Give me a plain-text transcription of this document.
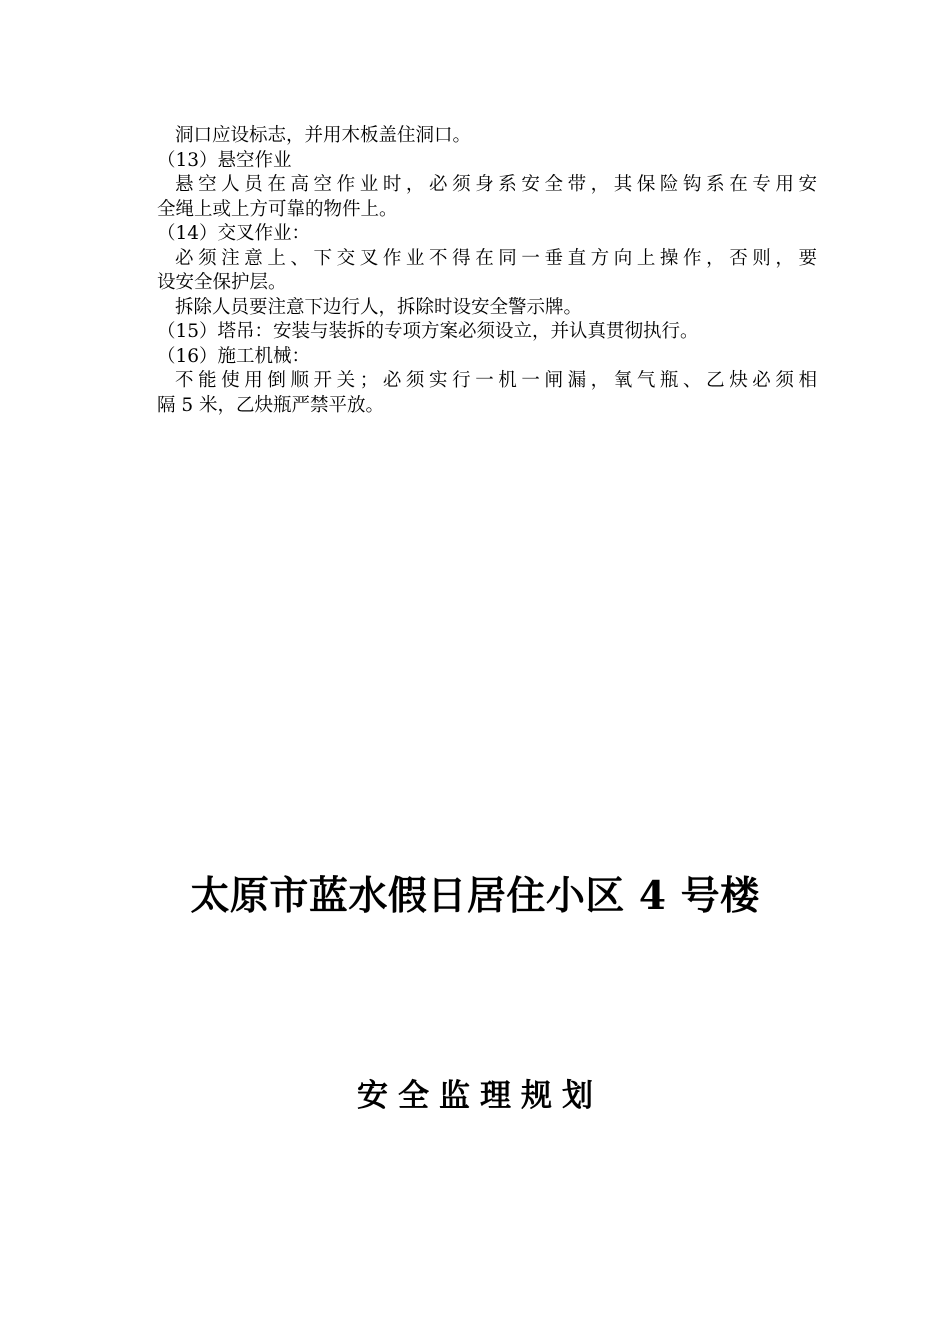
洞口应设标志，并用木板盖住洞口。

（13）悬空作业

悬空人员在高空作业时，必须身系安全带，其保险钩系在专用安

全绳上或上方可靠的物件上。

（14）交叉作业：

必须注意上、下交叉作业不得在同一垂直方向上操作，否则，要

设安全保护层。

拆除人员要注意下边行人，拆除时设安全警示牌。

（15）塔吊：安装与装拆的专项方案必须设立，并认真贯彻执行。

（16）施工机械：

不能使用倒顺开关；必须实行一机一闸漏，氧气瓶、乙炔必须相

隔 5 米，乙炔瓶严禁平放。

太原市蓝水假日居住小区 4 号楼
安全监理规划
